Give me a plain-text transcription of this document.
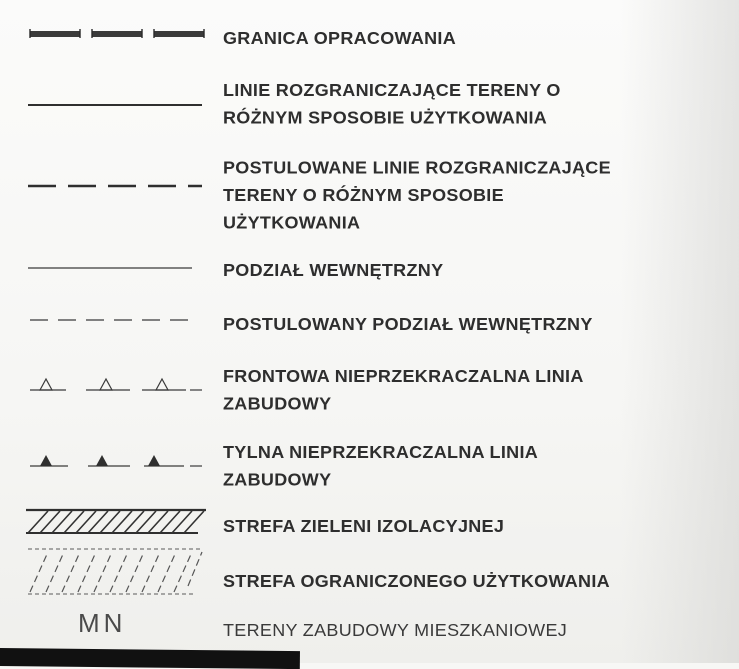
GRANICA OPRACOWANIA
LINIE ROZGRANICZAJĄCE TERENY O
RÓŻNYM SPOSOBIE UŻYTKOWANIA
POSTULOWANE LINIE ROZGRANICZAJĄCE
TERENY O RÓŻNYM SPOSOBIE
UŻYTKOWANIA
PODZIAŁ WEWNĘTRZNY
POSTULOWANY PODZIAŁ WEWNĘTRZNY
FRONTOWA NIEPRZEKRACZALNA LINIA
ZABUDOWY
TYLNA NIEPRZEKRACZALNA LINIA
ZABUDOWY
STREFA ZIELENI IZOLACYJNEJ
STREFA OGRANICZONEGO UŻYTKOWANIA
MN	TERENY ZABUDOWY MIESZKANIOWEJ
